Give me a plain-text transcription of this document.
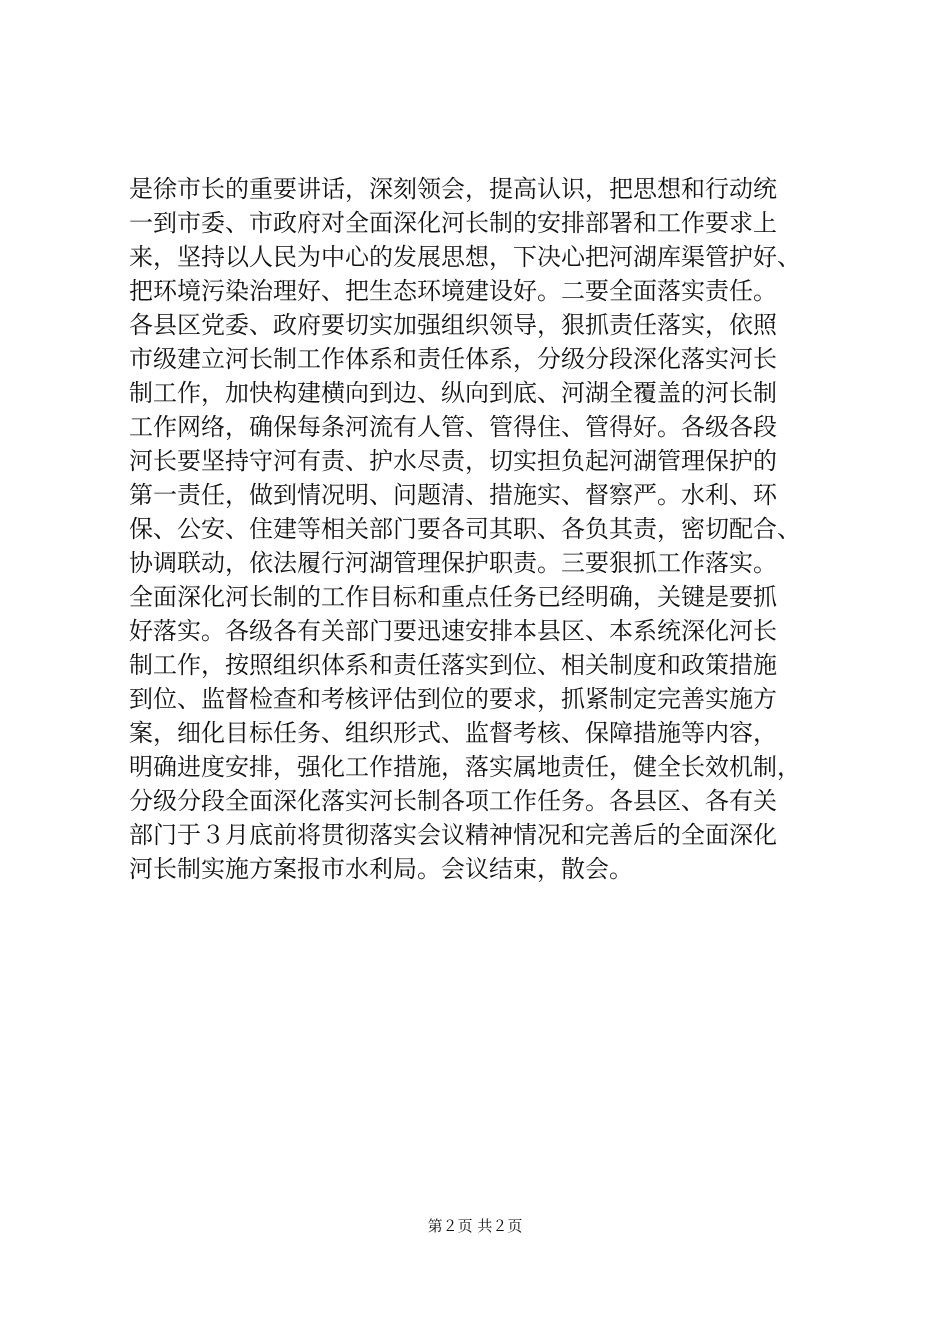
是徐市长的重要讲话，深刻领会，提高认识，把思想和行动统
一到市委、市政府对全面深化河长制的安排部署和工作要求上
来，坚持以人民为中心的发展思想，下决心把河湖库渠管护好、
把环境污染治理好、把生态环境建设好。二要全面落实责任。
各县区党委、政府要切实加强组织领导，狠抓责任落实，依照
市级建立河长制工作体系和责任体系，分级分段深化落实河长
制工作，加快构建横向到边、纵向到底、河湖全覆盖的河长制
工作网络，确保每条河流有人管、管得住、管得好。各级各段
河长要坚持守河有责、护水尽责，切实担负起河湖管理保护的
第一责任，做到情况明、问题清、措施实、督察严。水利、环
保、公安、住建等相关部门要各司其职、各负其责，密切配合、
协调联动，依法履行河湖管理保护职责。三要狠抓工作落实。
全面深化河长制的工作目标和重点任务已经明确，关键是要抓
好落实。各级各有关部门要迅速安排本县区、本系统深化河长
制工作，按照组织体系和责任落实到位、相关制度和政策措施
到位、监督检查和考核评估到位的要求，抓紧制定完善实施方
案，细化目标任务、组织形式、监督考核、保障措施等内容，
明确进度安排，强化工作措施，落实属地责任，健全长效机制，
分级分段全面深化落实河长制各项工作任务。各县区、各有关
部门于３月底前将贯彻落实会议精神情况和完善后的全面深化
河长制实施方案报市水利局。会议结束，散会。
第２页 共２页
